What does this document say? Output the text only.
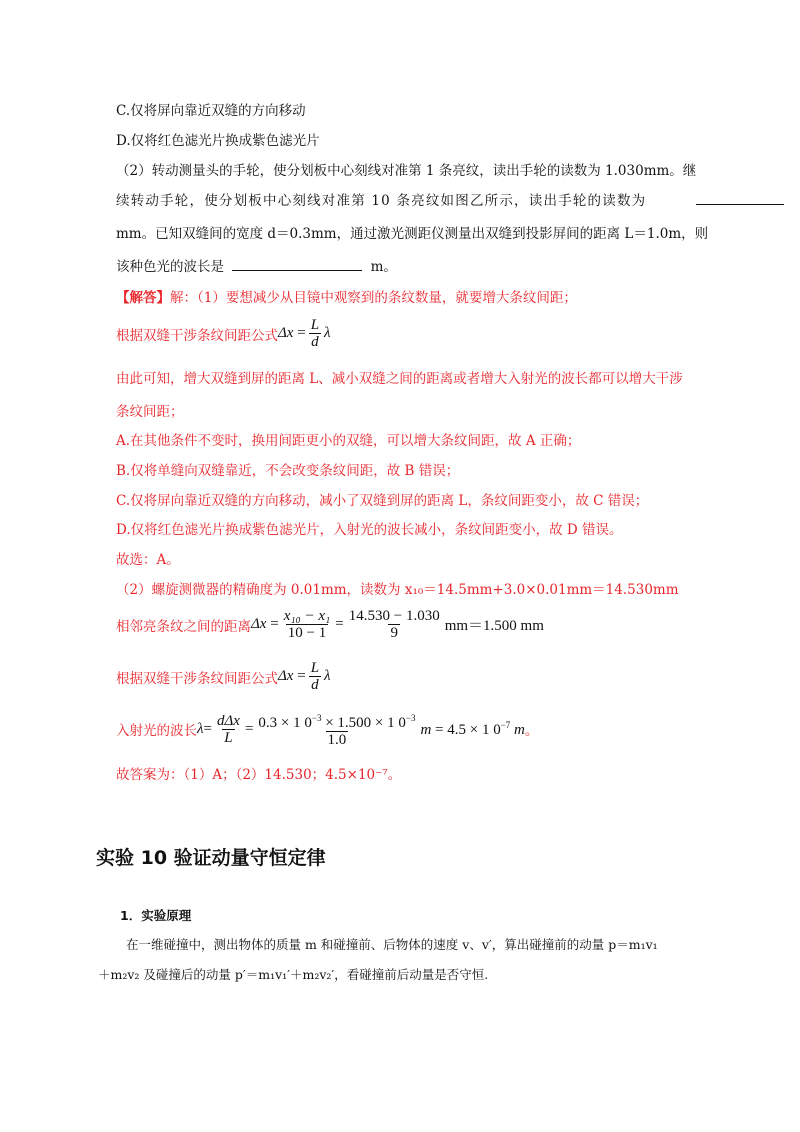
C.仅将屏向靠近双缝的方向移动
D.仅将红色滤光片换成紫色滤光片
（2）转动测量头的手轮，使分划板中心刻线对准第 1 条亮纹，读出手轮的读数为 1.030mm。继
续转动手轮，使分划板中心刻线对准第 10 条亮纹如图乙所示，读出手轮的读数为
mm。已知双缝间的宽度 d＝0.3mm，通过激光测距仪测量出双缝到投影屏间的距离 L＝1.0m，则
该种色光的波长是	m。
【解答】解：（1）要想减少从目镜中观察到的条纹数量，就要增大条纹间距；
根据双缝干涉条纹间距公式 $\Delta x = \frac{L}{d}$ λ
由此可知，增大双缝到屏的距离 L、减小双缝之间的距离或者增大入射光的波长都可以增大干涉
条纹间距；
A.在其他条件不变时，换用间距更小的双缝，可以增大条纹间距，故 A 正确；
B.仅将单缝向双缝靠近，不会改变条纹间距，故 B 错误；
C.仅将屏向靠近双缝的方向移动，减小了双缝到屏的距离 L，条纹间距变小，故 C 错误；
D.仅将红色滤光片换成紫色滤光片，入射光的波长减小，条纹间距变小，故 D 错误。
故选：A。
（2）螺旋测微器的精确度为 0.01mm，读数为 x₁₀＝14.5mm+3.0×0.01mm＝14.530mm
相邻亮条纹之间的距离 $\Delta x = \frac{\text{x₁₀ − x₁}}{10 - 1} = \frac{14.530 - 1.030}{9} mm=1.500$ mm
根据双缝干涉条纹间距公式 $\Delta x = \frac{L}{d}$ λ
入射光的波长 $\lambda = \frac{\text{dΔx}}{L} = \frac{0.3 \times 1 0^{-3} \times 1.500 \times 1 0^{-3}}{1.0}$ m = 4.5 × 1 $0^{-7}$ m 。
故答案为：（1）A；（2）14.530；4.5×10⁻⁷。
实验 10 验证动量守恒定律
1．实验原理
在一维碰撞中，测出物体的质量 m 和碰撞前、后物体的速度 v、v′，算出碰撞前的动量 p＝m₁v₁
＋m₂v₂ 及碰撞后的动量 p′＝m₁v₁′＋m₂v₂′，看碰撞前后动量是否守恒.
